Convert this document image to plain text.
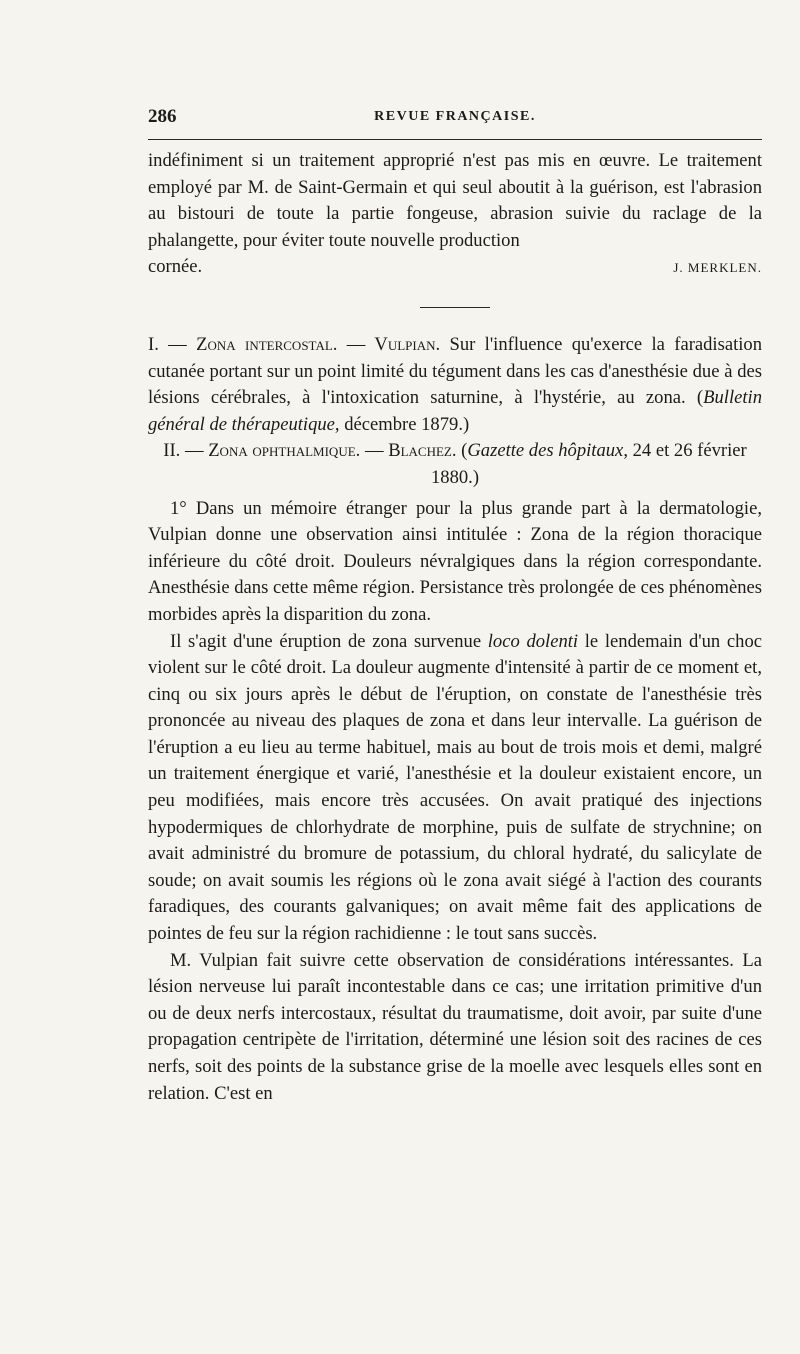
286	REVUE FRANÇAISE.

indéfiniment si un traitement approprié n'est pas mis en œuvre. Le traitement employé par M. de Saint-Germain et qui seul aboutit à la guérison, est l'abrasion au bistouri de toute la partie fongeuse, abrasion suivie du raclage de la phalangette, pour éviter toute nouvelle production

cornée.	J. MERKLEN.

I. — Zona intercostal. — Vulpian. Sur l'influence qu'exerce la faradisation cutanée portant sur un point limité du tégument dans les cas d'anesthésie due à des lésions cérébrales, à l'intoxication saturnine, à l'hystérie, au zona. (Bulletin général de thérapeutique, décembre 1879.)

II. — Zona ophthalmique. — Blachez. (Gazette des hôpitaux, 24 et 26 février 1880.)

1° Dans un mémoire étranger pour la plus grande part à la dermatologie, Vulpian donne une observation ainsi intitulée : Zona de la région thoracique inférieure du côté droit. Douleurs névralgiques dans la région correspondante. Anesthésie dans cette même région. Persistance très prolongée de ces phénomènes morbides après la disparition du zona.

Il s'agit d'une éruption de zona survenue loco dolenti le lendemain d'un choc violent sur le côté droit. La douleur augmente d'intensité à partir de ce moment et, cinq ou six jours après le début de l'éruption, on constate de l'anesthésie très prononcée au niveau des plaques de zona et dans leur intervalle. La guérison de l'éruption a eu lieu au terme habituel, mais au bout de trois mois et demi, malgré un traitement énergique et varié, l'anesthésie et la douleur existaient encore, un peu modifiées, mais encore très accusées. On avait pratiqué des injections hypodermiques de chlorhydrate de morphine, puis de sulfate de strychnine; on avait administré du bromure de potassium, du chloral hydraté, du salicylate de soude; on avait soumis les régions où le zona avait siégé à l'action des courants faradiques, des courants galvaniques; on avait même fait des applications de pointes de feu sur la région rachidienne : le tout sans succès.

M. Vulpian fait suivre cette observation de considérations intéressantes. La lésion nerveuse lui paraît incontestable dans ce cas; une irritation primitive d'un ou de deux nerfs intercostaux, résultat du traumatisme, doit avoir, par suite d'une propagation centripète de l'irritation, déterminé une lésion soit des racines de ces nerfs, soit des points de la substance grise de la moelle avec lesquels elles sont en relation. C'est en
